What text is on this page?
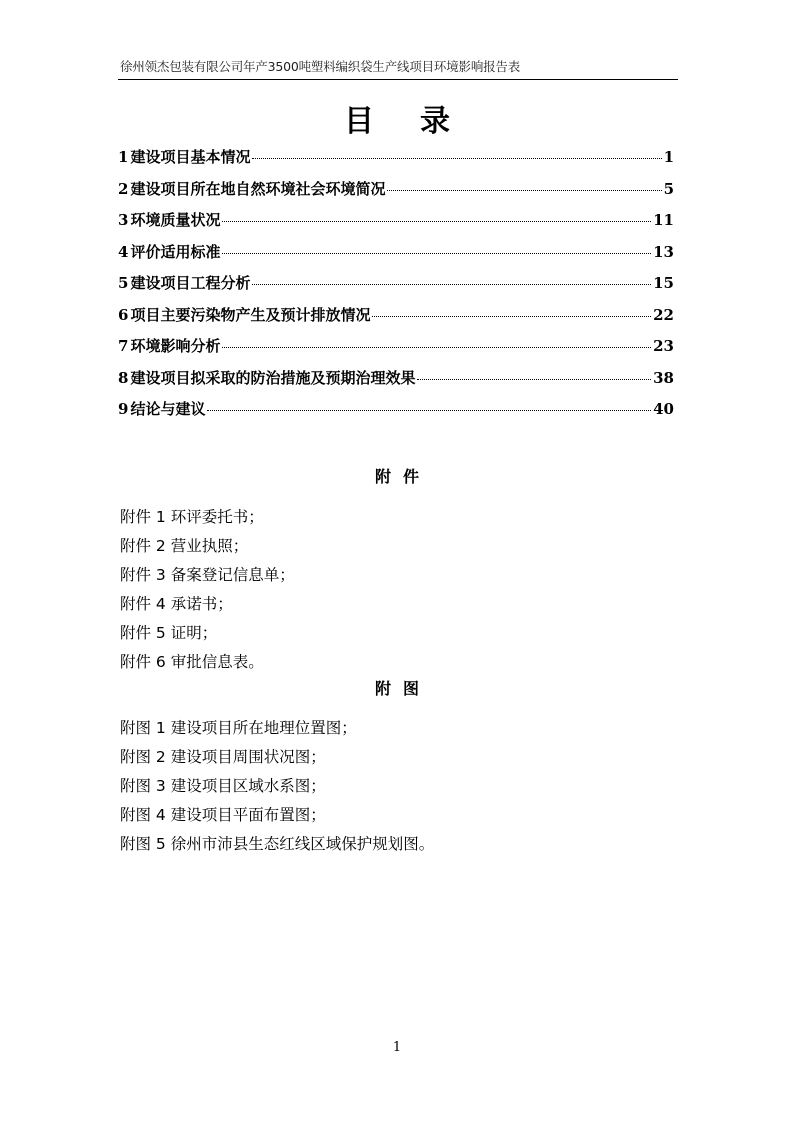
徐州领杰包装有限公司年产3500吨塑料编织袋生产线项目环境影响报告表
目录
1 建设项目基本情况	1
2 建设项目所在地自然环境社会环境简况	5
3 环境质量状况	11
4 评价适用标准	13
5 建设项目工程分析	15
6 项目主要污染物产生及预计排放情况	22
7 环境影响分析	23
8 建设项目拟采取的防治措施及预期治理效果	38
9 结论与建议	40
附件
附件 1 环评委托书；
附件 2 营业执照；
附件 3 备案登记信息单；
附件 4 承诺书；
附件 5 证明；
附件 6 审批信息表。
附图
附图 1 建设项目所在地理位置图；
附图 2 建设项目周围状况图；
附图 3 建设项目区域水系图；
附图 4 建设项目平面布置图；
附图 5 徐州市沛县生态红线区域保护规划图。
1
